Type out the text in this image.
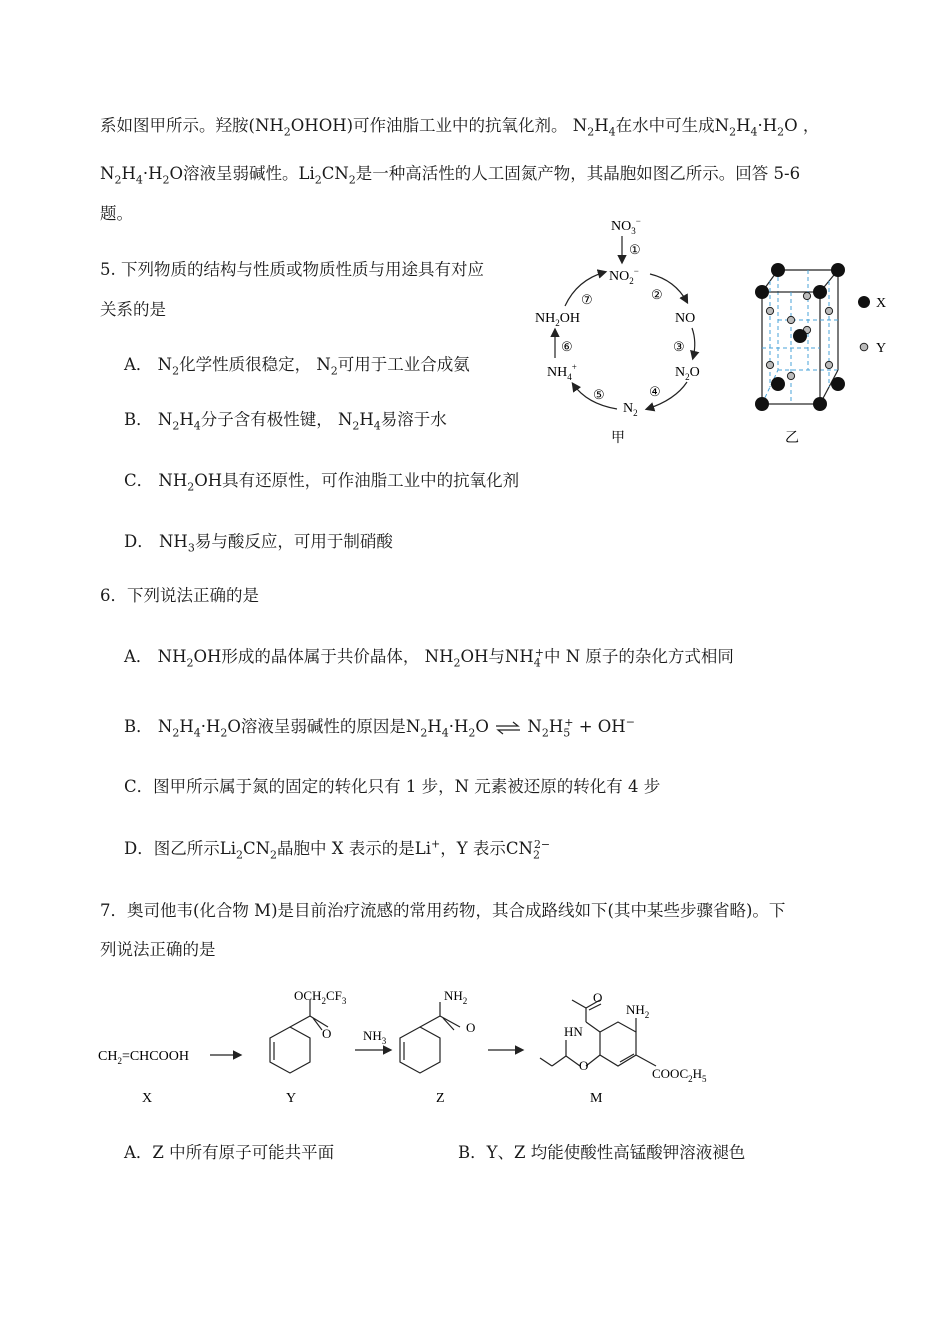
系如图甲所示。羟胺$(NH_2OHOH)$可作油脂工业中的抗氧化剂。 $N_2H_4$在水中可生成$N_2H_4\cdot H_2O$ ，
$N_2H_4\cdot H_2O$溶液呈弱碱性。$Li_2CN_2$是一种高活性的人工固氮产物，其晶胞如图乙所示。回答 5-6
题。
5. 下列物质的结构与性质或物质性质与用途具有对应
关系的是
A． $N_2$化学性质很稳定， $N_2$可用于工业合成氨
B． $N_2H_4$分子含有极性键， $N_2H_4$易溶于水
C． $NH_2OH$具有还原性，可作油脂工业中的抗氧化剂
D． $NH_3$易与酸反应，可用于制硝酸
$NO_3^-$
①
$NO_2^-$
NO
$N_2O$
$N_2$
$NH_4^+$
$NH_2OH$
②
③
④
⑤
⑥
⑦
甲
X
Y
乙
6．下列说法正确的是
A． $NH_2OH$形成的晶体属于共价晶体， $NH_2OH$与$NH_4^+$中 N 原子的杂化方式相同
B． $N_2H_4\cdot H_2O$溶液呈弱碱性的原因是$N_2H_4\cdot H_2O$ ⇌ $N_2H_5^+ + OH^-$
C．图甲所示属于氮的固定的转化只有 1 步，N 元素被还原的转化有 4 步
D．图乙所示$Li_2CN_2$晶胞中 X 表示的是Li+，Y 表示$CN_2^{2-}$
7．奥司他韦(化合物 M)是目前治疗流感的常用药物，其合成路线如下(其中某些步骤省略)。下
列说法正确的是
$CH_2=CHCOOH$
$OCH_2CF_3$
O $NH_3$
$NH_2$
O
O
HN
$NH_2$
O
$COOC_2H_5$
X	Y	Z	M
A．Z 中所有原子可能共平面	B．Y、Z 均能使酸性高锰酸钾溶液褪色
